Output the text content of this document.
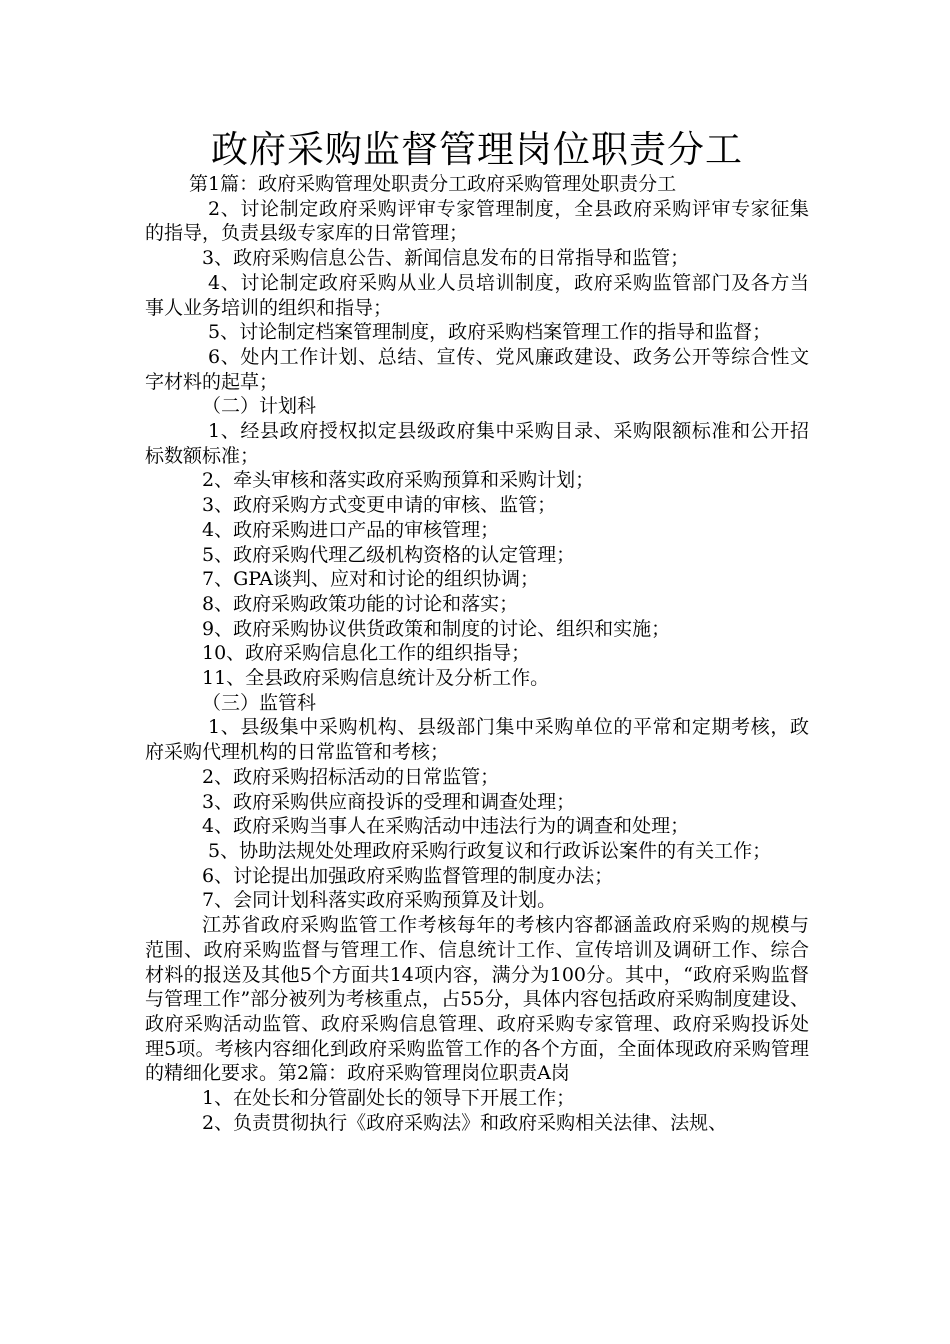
政府采购监督管理岗位职责分工

第1篇：政府采购管理处职责分工政府采购管理处职责分工

2、讨论制定政府采购评审专家管理制度，全县政府采购评审专家征集的指导，负责县级专家库的日常管理；

3、政府采购信息公告、新闻信息发布的日常指导和监管；

4、讨论制定政府采购从业人员培训制度，政府采购监管部门及各方当事人业务培训的组织和指导；

5、讨论制定档案管理制度，政府采购档案管理工作的指导和监督；

6、处内工作计划、总结、宣传、党风廉政建设、政务公开等综合性文字材料的起草；

（二）计划科

1、经县政府授权拟定县级政府集中采购目录、采购限额标准和公开招标数额标准；

2、牵头审核和落实政府采购预算和采购计划；

3、政府采购方式变更申请的审核、监管；

4、政府采购进口产品的审核管理；

5、政府采购代理乙级机构资格的认定管理；

7、GPA谈判、应对和讨论的组织协调；

8、政府采购政策功能的讨论和落实；

9、政府采购协议供货政策和制度的讨论、组织和实施；

10、政府采购信息化工作的组织指导；

11、全县政府采购信息统计及分析工作。

（三）监管科

1、县级集中采购机构、县级部门集中采购单位的平常和定期考核，政府采购代理机构的日常监管和考核；

2、政府采购招标活动的日常监管；

3、政府采购供应商投诉的受理和调查处理；

4、政府采购当事人在采购活动中违法行为的调查和处理；

5、协助法规处处理政府采购行政复议和行政诉讼案件的有关工作；

6、讨论提出加强政府采购监督管理的制度办法；

7、会同计划科落实政府采购预算及计划。

江苏省政府采购监管工作考核每年的考核内容都涵盖政府采购的规模与范围、政府采购监督与管理工作、信息统计工作、宣传培训及调研工作、综合材料的报送及其他5个方面共14项内容，满分为100分。其中，“政府采购监督与管理工作”部分被列为考核重点，占55分，具体内容包括政府采购制度建设、政府采购活动监管、政府采购信息管理、政府采购专家管理、政府采购投诉处理5项。考核内容细化到政府采购监管工作的各个方面，全面体现政府采购管理的精细化要求。第2篇：政府采购管理岗位职责A岗

1、在处长和分管副处长的领导下开展工作；

2、负责贯彻执行《政府采购法》和政府采购相关法律、法规、
